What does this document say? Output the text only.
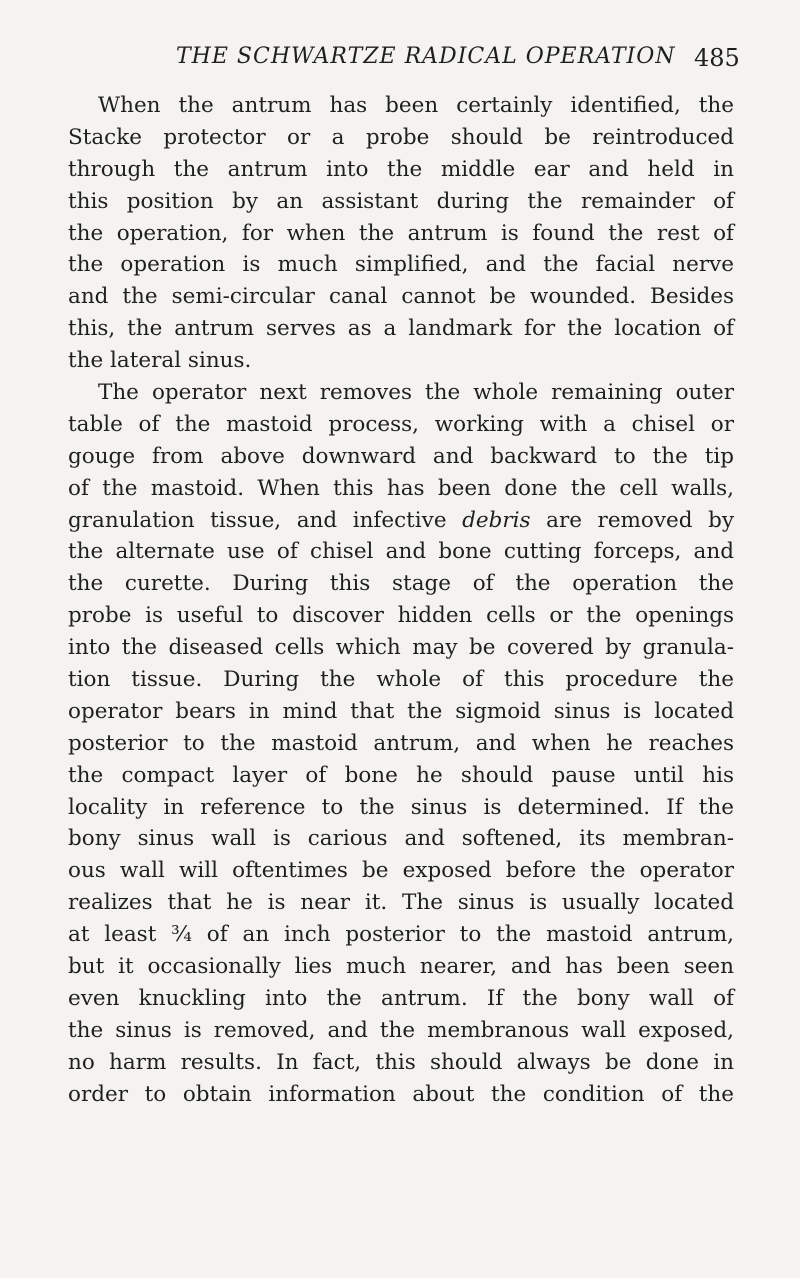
THE SCHWARTZE RADICAL OPERATION 485
When the antrum has been certainly identified, the
Stacke protector or a probe should be reintroduced
through the antrum into the middle ear and held in
this position by an assistant during the remainder of
the operation, for when the antrum is found the rest of
the operation is much simplified, and the facial nerve
and the semi-circular canal cannot be wounded. Besides
this, the antrum serves as a landmark for the location of
the lateral sinus.
The operator next removes the whole remaining outer
table of the mastoid process, working with a chisel or
gouge from above downward and backward to the tip
of the mastoid. When this has been done the cell walls,
granulation tissue, and infective debris are removed by
the alternate use of chisel and bone cutting forceps, and
the curette. During this stage of the operation the
probe is useful to discover hidden cells or the openings
into the diseased cells which may be covered by granula-
tion tissue. During the whole of this procedure the
operator bears in mind that the sigmoid sinus is located
posterior to the mastoid antrum, and when he reaches
the compact layer of bone he should pause until his
locality in reference to the sinus is determined. If the
bony sinus wall is carious and softened, its membran-
ous wall will oftentimes be exposed before the operator
realizes that he is near it. The sinus is usually located
at least ¾ of an inch posterior to the mastoid antrum,
but it occasionally lies much nearer, and has been seen
even knuckling into the antrum. If the bony wall of
the sinus is removed, and the membranous wall exposed,
no harm results. In fact, this should always be done in
order to obtain information about the condition of the
